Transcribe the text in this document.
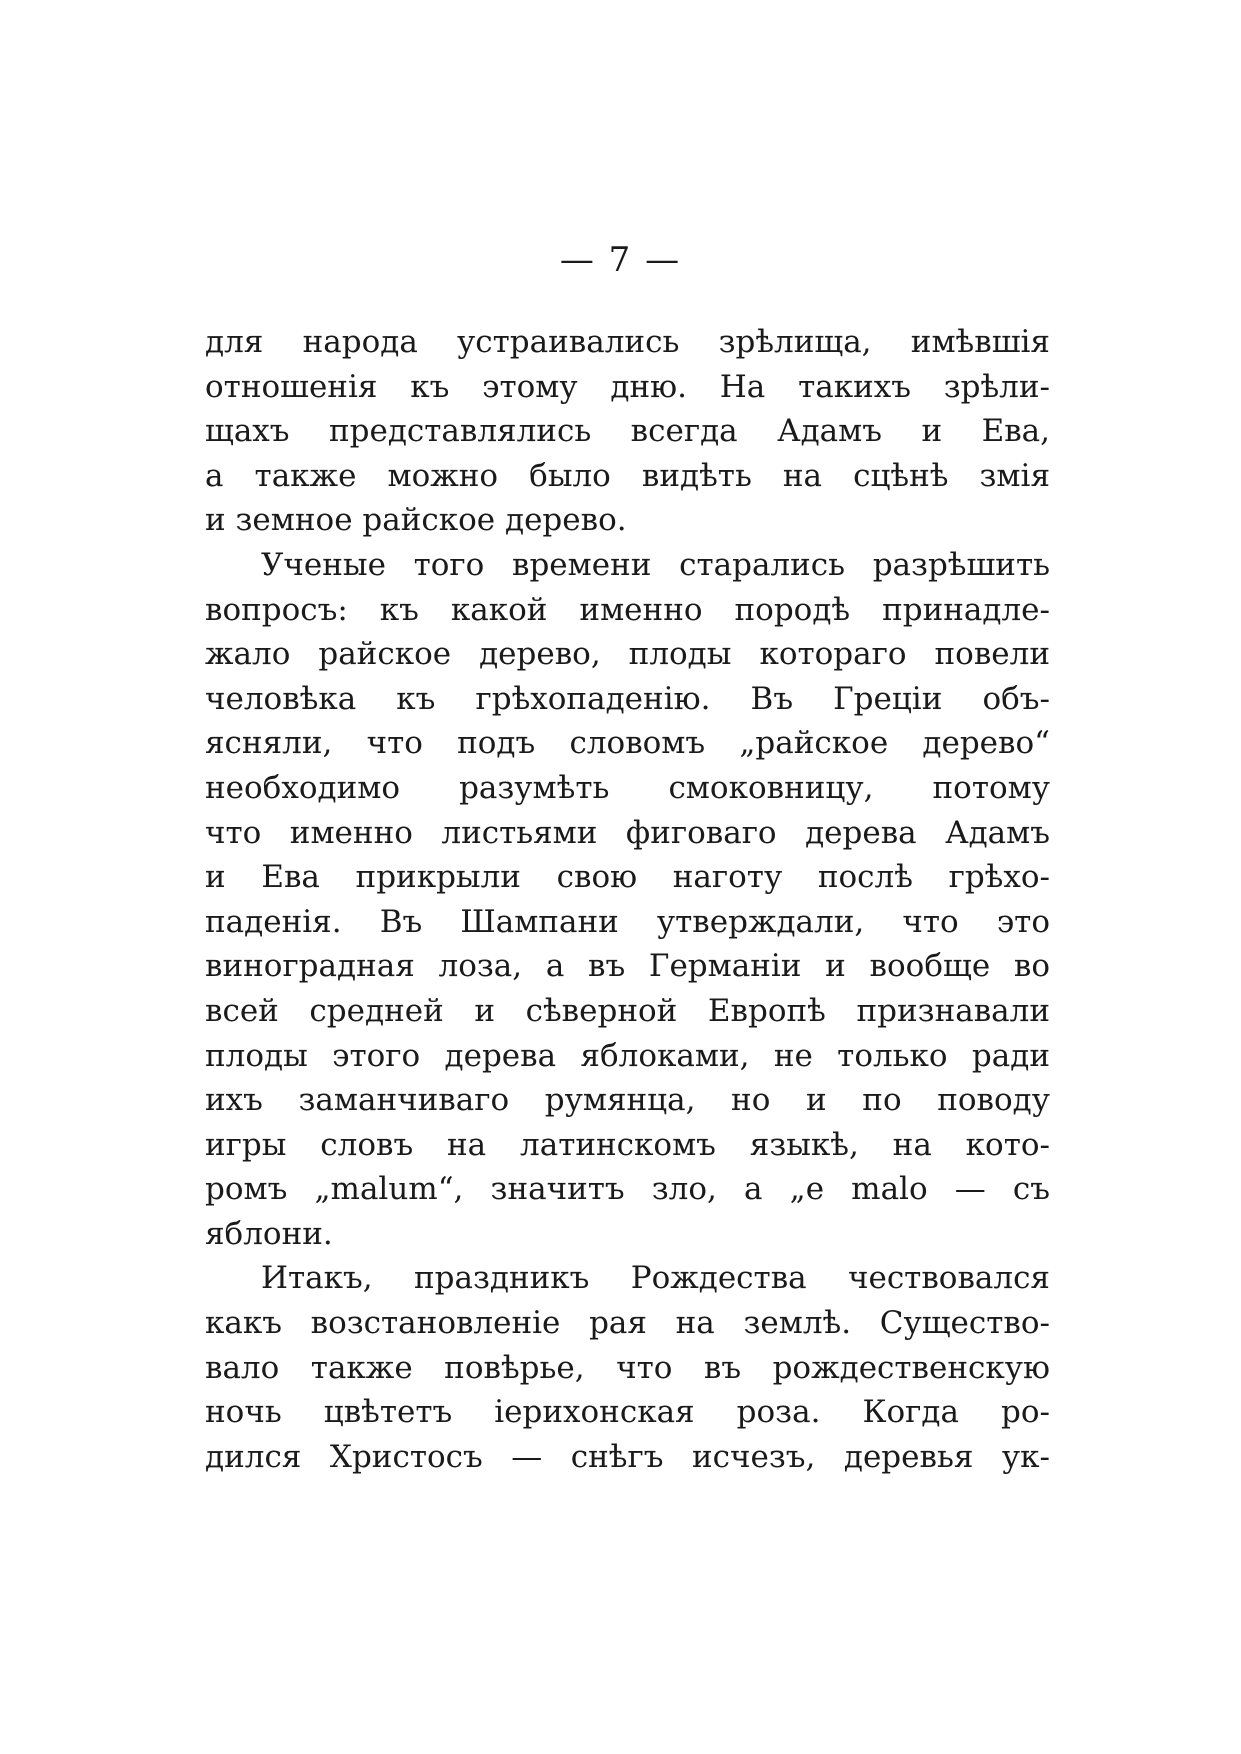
— 7 —
для народа устраивались зрѣлища, имѣвшія
отношенія къ этому дню. На такихъ зрѣли-
щахъ представлялись всегда Адамъ и Ева,
а также можно было видѣть на сцѣнѣ змія
и земное райское дерево.
Ученые того времени старались разрѣшить
вопросъ: къ какой именно породѣ принадле-
жало райское дерево, плоды котораго повели
человѣка къ грѣхопаденію. Въ Греціи объ-
ясняли, что подъ словомъ „райское дерево“
необходимо разумѣть смоковницу, потому
что именно листьями фиговаго дерева Адамъ
и Ева прикрыли свою наготу послѣ грѣхо-
паденія. Въ Шампани утверждали, что это
виноградная лоза, а въ Германіи и вообще во
всей средней и сѣверной Европѣ признавали
плоды этого дерева яблоками, не только ради
ихъ заманчиваго румянца, но и по поводу
игры словъ на латинскомъ языкѣ, на кото-
ромъ „malum“, значитъ зло, а „e malo — съ
яблони.
Итакъ, праздникъ Рождества чествовался
какъ возстановленіе рая на землѣ. Существо-
вало также повѣрье, что въ рождественскую
ночь цвѣтетъ іерихонская роза. Когда ро-
дился Христосъ — снѣгъ исчезъ, деревья ук-
